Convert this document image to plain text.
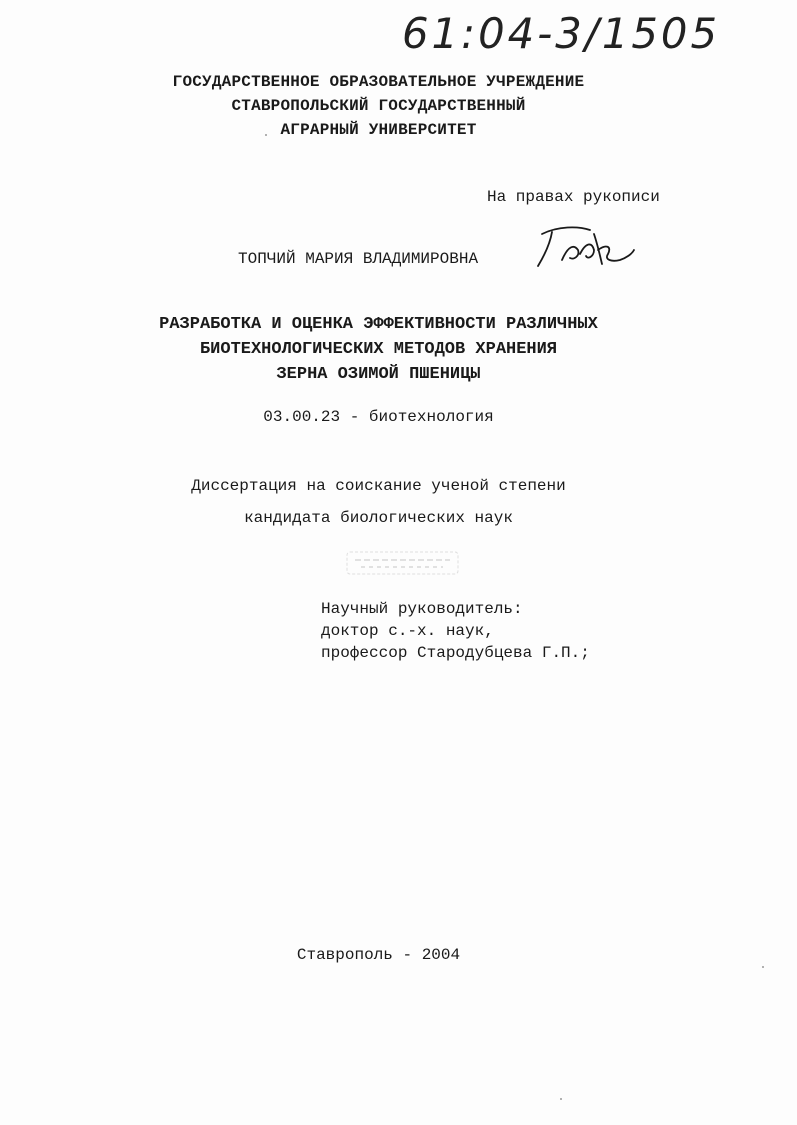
61:04-3/1505
ГОСУДАРСТВЕННОЕ ОБРАЗОВАТЕЛЬНОЕ УЧРЕЖДЕНИЕ
СТАВРОПОЛЬСКИЙ ГОСУДАРСТВЕННЫЙ
АГРАРНЫЙ УНИВЕРСИТЕТ
На правах рукописи
ТОПЧИЙ МАРИЯ ВЛАДИМИРОВНА
РАЗРАБОТКА И ОЦЕНКА ЭФФЕКТИВНОСТИ РАЗЛИЧНЫХ
БИОТЕХНОЛОГИЧЕСКИХ МЕТОДОВ ХРАНЕНИЯ
ЗЕРНА ОЗИМОЙ ПШЕНИЦЫ
03.00.23 - биотехнология
Диссертация на соискание ученой степени
кандидата биологических наук
Научный руководитель:
доктор с.-х. наук,
профессор Стародубцева Г.П.;
Ставрополь - 2004
